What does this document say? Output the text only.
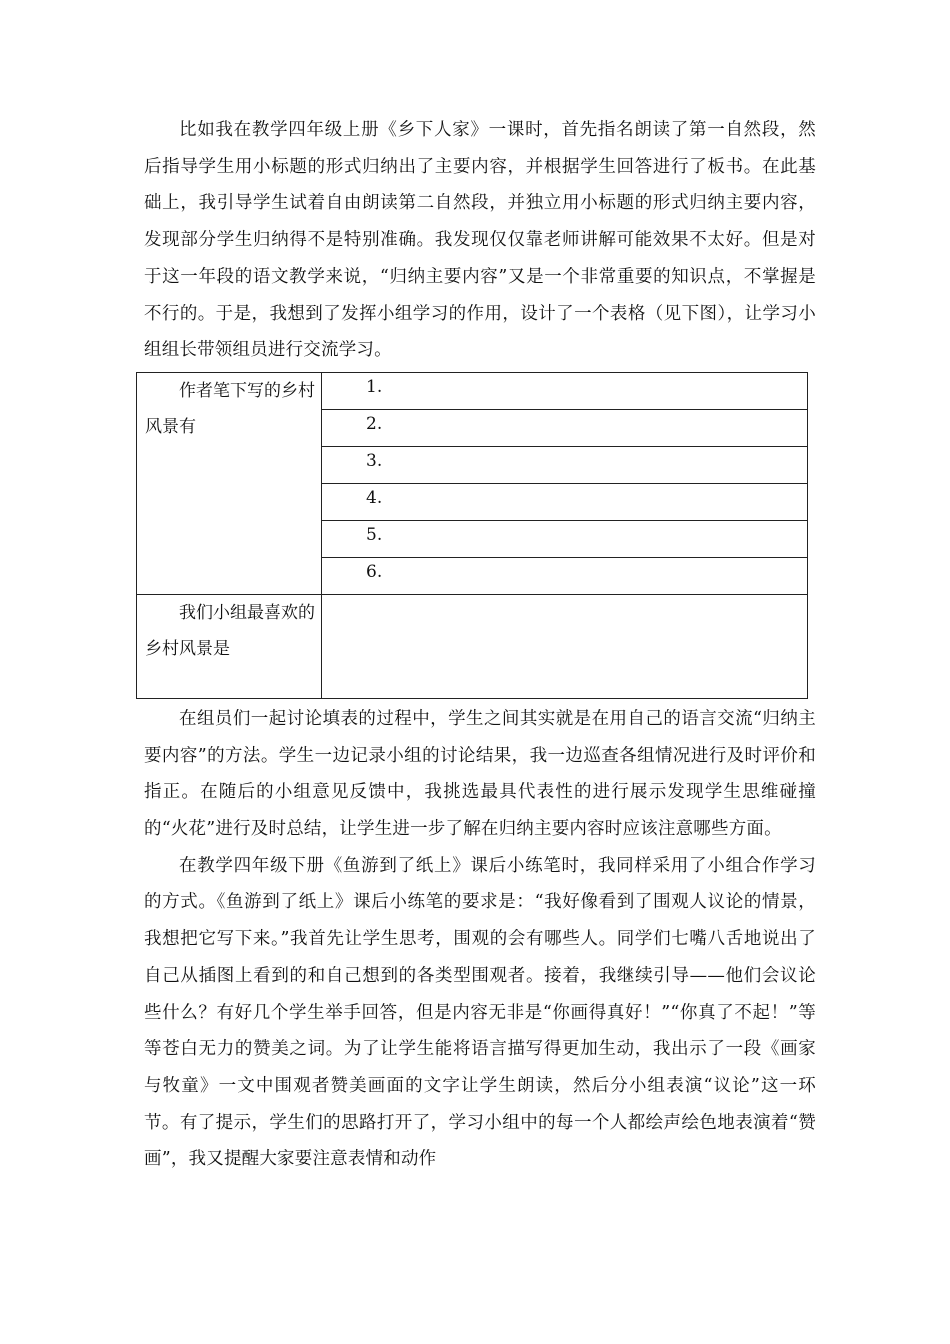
比如我在教学四年级上册《乡下人家》一课时，首先指名朗读了第一自然段，然后指导学生用小标题的形式归纳出了主要内容，并根据学生回答进行了板书。在此基础上，我引导学生试着自由朗读第二自然段，并独立用小标题的形式归纳主要内容，发现部分学生归纳得不是特别准确。我发现仅仅靠老师讲解可能效果不太好。但是对于这一年段的语文教学来说，“归纳主要内容”又是一个非常重要的知识点，不掌握是不行的。于是，我想到了发挥小组学习的作用，设计了一个表格（见下图），让学习小组组长带领组员进行交流学习。

作者笔下写的乡村风景有	1.
	2.
	3.
	4.
	5.
	6.
我们小组最喜欢的乡村风景是	

在组员们一起讨论填表的过程中，学生之间其实就是在用自己的语言交流“归纳主要内容”的方法。学生一边记录小组的讨论结果，我一边巡查各组情况进行及时评价和指正。在随后的小组意见反馈中，我挑选最具代表性的进行展示发现学生思维碰撞的“火花”进行及时总结，让学生进一步了解在归纳主要内容时应该注意哪些方面。

在教学四年级下册《鱼游到了纸上》课后小练笔时，我同样采用了小组合作学习的方式。《鱼游到了纸上》课后小练笔的要求是：“我好像看到了围观人议论的情景，我想把它写下来。”我首先让学生思考，围观的会有哪些人。同学们七嘴八舌地说出了自己从插图上看到的和自己想到的各类型围观者。接着，我继续引导——他们会议论些什么？有好几个学生举手回答，但是内容无非是“你画得真好！”“你真了不起！”等等苍白无力的赞美之词。为了让学生能将语言描写得更加生动，我出示了一段《画家与牧童》一文中围观者赞美画面的文字让学生朗读，然后分小组表演“议论”这一环节。有了提示，学生们的思路打开了，学习小组中的每一个人都绘声绘色地表演着“赞画”，我又提醒大家要注意表情和动作
